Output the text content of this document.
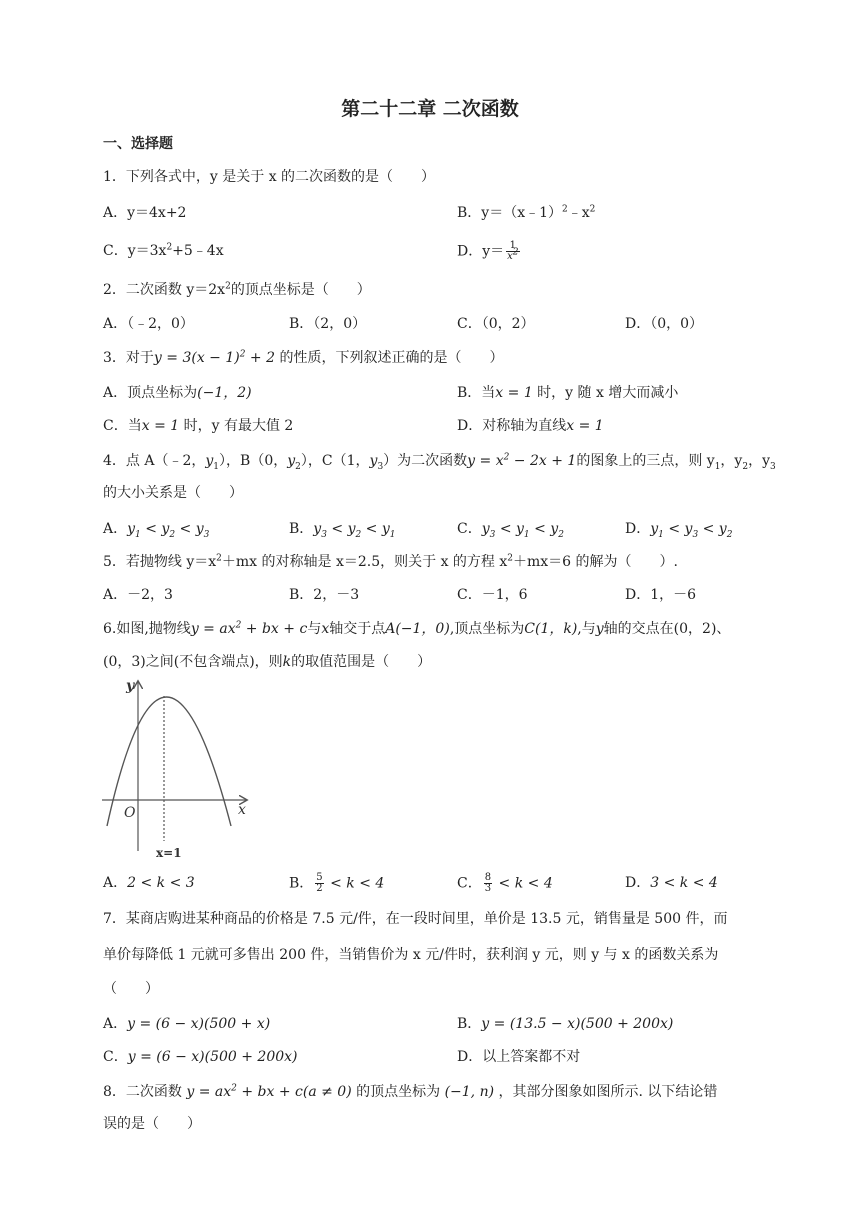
第二十二章 二次函数
一、选择题
1．下列各式中，y 是关于 x 的二次函数的是（　　）
A．y＝4x+2	B．$y=(x﹣1)^2﹣x^2$
C．$y=3x^2+5﹣4x$	D．$y= \frac{1}{x^2}$
2．二次函数 $y=2x^2$的顶点坐标是（　　）
A．（﹣2，0）	B．（2，0）	C．（0，2）	D．（0，0）
3．对于$y = 3(x - 1)^2 + 2$ 的性质，下列叙述正确的是（　　）
A．顶点坐标为(−1，2)	B．当x = 1 时，y 随 x 增大而减小
C．当x = 1 时，y 有最大值 2	D．对称轴为直线x = 1
4．点 A（﹣2，$y_1$），B（0，$y_2$），C（1，$y_3$）为二次函数$y = x^2 - 2x + 1$的图象上的三点，则 $y_1$，$y_2$，$y_3$
的大小关系是（　　）
A．$y_1 < y_2 < y_3$	B．$y_3 < y_2 < y_1$	C．$y_3 < y_1 < y_2$	D．$y_1 < y_3 < y_2$
5．若抛物线 $y=x^2+mx$ 的对称轴是 x＝2.5，则关于 x 的方程 $x^2+mx=6$ 的解为（　　）.
A．－2，3	B．2，－3	C．－1，6	D．1，－6
6.如图,抛物线$y = ax^2$ + bx + c与x轴交于点A(−1，0),顶点坐标为C(1，k),与y轴的交点在(0，2)、
(0，3)之间(不包含端点)，则k的取值范围是（　　）
y
x
O
x=1
A．2 < k < 3	B． $\frac{5}{2} < k < 4$	C． $\frac{8}{3} < k < 4$	D．3 < k < 4
7．某商店购进某种商品的价格是 7.5 元/件，在一段时间里，单价是 13.5 元，销售量是 500 件，而
单价每降低 1 元就可多售出 200 件，当销售价为 x 元/件时，获利润 y 元，则 y 与 x 的函数关系为
（　　）
A．y = (6 − x)(500 + x)	B．y = (13.5 − x)(500 + 200x)
C．y = (6 − x)(500 + 200x)	D．以上答案都不对
8．二次函数 $y = ax^2$ + bx + c(a ≠ 0) 的顶点坐标为 (−1, n) ，其部分图象如图所示. 以下结论错
误的是（　　）
